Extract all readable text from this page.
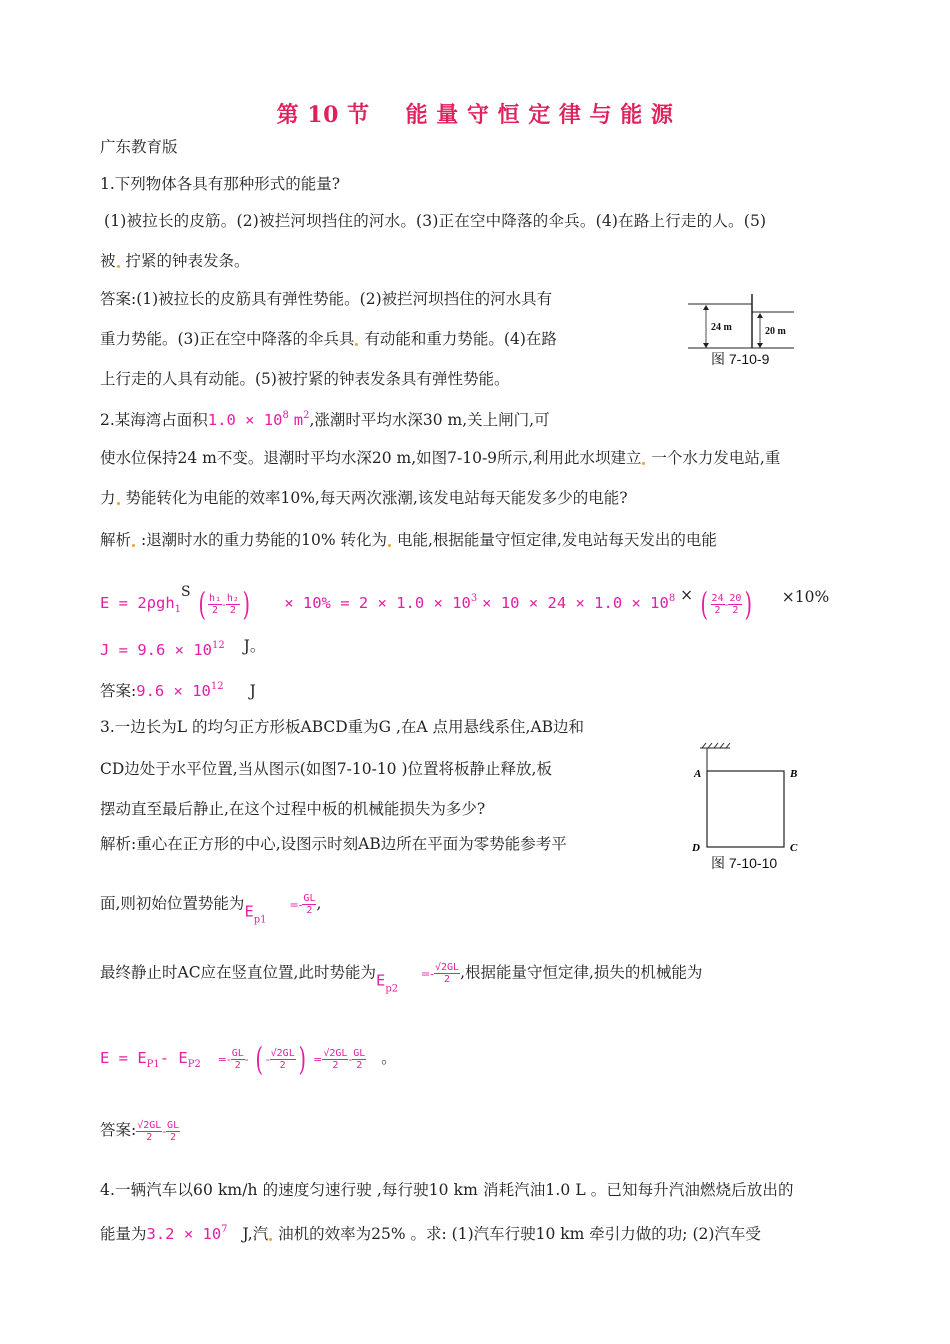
第 10 节 能 量 守 恒 定 律 与 能 源
广东教育版
1.下列物体各具有那种形式的能量?
(1)被拉长的皮筋。(2)被拦河坝挡住的河水。(3)正在空中降落的伞兵。(4)在路上行走的人。(5)
被 拧紧的钟表发条。
答案:(1)被拉长的皮筋具有弹性势能。(2)被拦河坝挡住的河水具有
重力势能。(3)正在空中降落的伞兵具 有动能和重力势能。(4)在路
上行走的人具有动能。(5)被拧紧的钟表发条具有弹性势能。
24 m	20 m
图 7-10-9
2.某海湾占面积$1.0 \times 10^8$ $m^2$,涨潮时平均水深30 m,关上闸门,可
使水位保持24 m不变。退潮时平均水深20 m,如图7-10-9所示,利用此水坝建立 一个水力发电站,重
力 势能转化为电能的效率10%,每天两次涨潮,该发电站每天能发多少的电能?
解析 :退潮时水的重力势能的10% 转化为 电能,根据能量守恒定律,发电站每天发出的电能
E = 2ρgh$_1$S ( $\frac{\text{h₁}}{2} - \frac{\text{h₂}}{2}$ ) × $10\% = 2 \times 1.0 \times 10^3 \times 10 \times 24 \times 1.0 \times 10^8$ × ( $\frac{24}{2} - \frac{20}{2}$ ) ×10%
$J = 9.6 \times 10^{12}$ J。
答案:9.6 × $10^{12}$ J
3.一边长为L 的均匀正方形板ABCD重为G ,在A 点用悬线系住,AB边和
CD边处于水平位置,当从图示(如图7-10-10 )位置将板静止释放,板
摆动直至最后静止,在这个过程中板的机械能损失为多少?
解析:重心在正方形的中心,设图示时刻AB边所在平面为零势能参考平
A	B
C
D
图 7-10-10
面,则初始位置势能为$E_{p1} =- \frac{GL}{2}$ ,
最终静止时AC应在竖直位置,此时势能为$E_{p2} =- \frac{√2GL}{2}$ ,根据能量守恒定律,损失的机械能为
$E = E_{P1}-$ $E_{P2} =- \frac{GL}{2}$ - ( - $\frac{√2GL}{2}$ ) = $\frac{√2GL}{2} - \frac{GL}{2}$ 。
答案: $\frac{√2GL}{2} - \frac{GL}{2}$
4.一辆汽车以60 km/h 的速度匀速行驶 ,每行驶10 km 消耗汽油1.0 L 。已知每升汽油燃烧后放出的
能量为$3.2 \times 10^7$ J,汽 油机的效率为25% 。求: (1)汽车行驶10 km 牵引力做的功; (2)汽车受
